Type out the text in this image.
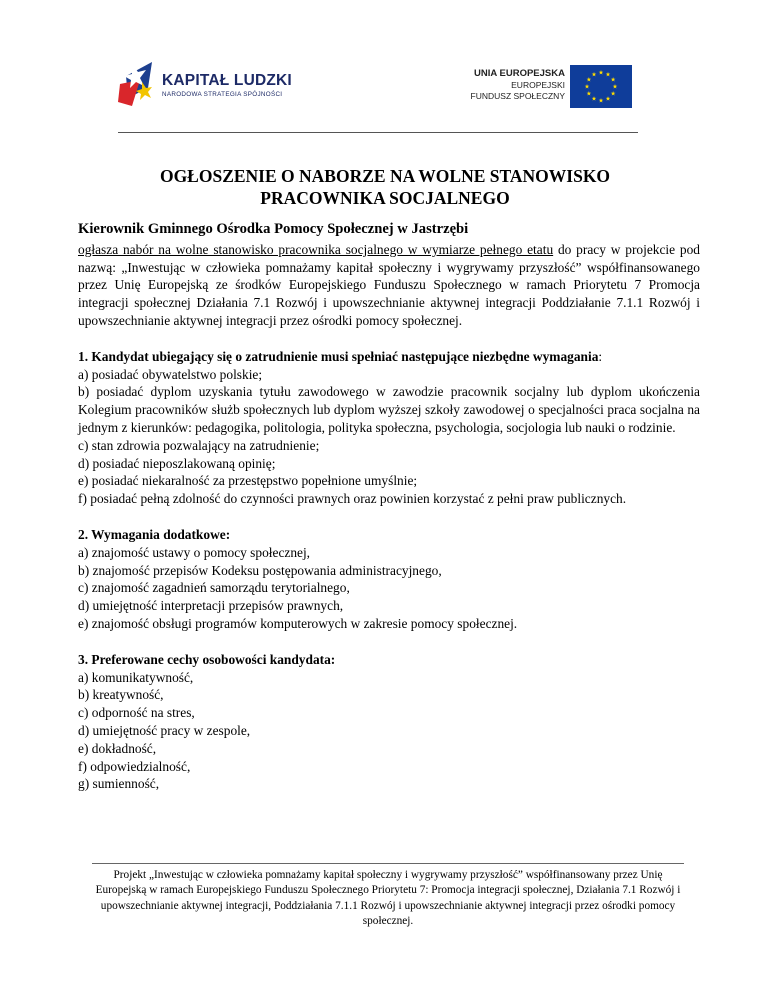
KAPITAŁ LUDZKI
NARODOWA STRATEGIA SPÓJNOŚCI
UNIA EUROPEJSKA
EUROPEJSKI
FUNDUSZ SPOŁECZNY
OGŁOSZENIE O NABORZE NA WOLNE STANOWISKO
PRACOWNIKA SOCJALNEGO

Kierownik Gminnego Ośrodka Pomocy Społecznej w Jastrzębi

ogłasza nabór na wolne stanowisko pracownika socjalnego w wymiarze pełnego etatu do pracy w projekcie pod nazwą: „Inwestując w człowieka pomnażamy kapitał społeczny i wygrywamy przyszłość” współfinansowanego przez Unię Europejską ze środków Europejskiego Funduszu Społecznego w ramach Priorytetu 7 Promocja integracji społecznej Działania 7.1 Rozwój i upowszechnianie aktywnej integracji Poddziałanie 7.1.1 Rozwój i upowszechnianie aktywnej integracji przez ośrodki pomocy społecznej.

1. Kandydat ubiegający się o zatrudnienie musi spełniać następujące niezbędne wymagania:

a) posiadać obywatelstwo polskie;

b) posiadać dyplom uzyskania tytułu zawodowego w zawodzie pracownik socjalny lub dyplom ukończenia Kolegium pracowników służb społecznych lub dyplom wyższej szkoły zawodowej o specjalności praca socjalna na jednym z kierunków: pedagogika, politologia, polityka społeczna, psychologia, socjologia lub nauki o rodzinie.

c) stan zdrowia pozwalający na zatrudnienie;

d) posiadać nieposzlakowaną opinię;

e) posiadać niekaralność za przestępstwo popełnione umyślnie;

f) posiadać pełną zdolność do czynności prawnych oraz powinien korzystać z pełni praw publicznych.

2. Wymagania dodatkowe:

a) znajomość ustawy o pomocy społecznej,

b) znajomość przepisów Kodeksu postępowania administracyjnego,

c) znajomość zagadnień samorządu terytorialnego,

d) umiejętność interpretacji przepisów prawnych,

e) znajomość obsługi programów komputerowych w zakresie pomocy społecznej.

3. Preferowane cechy osobowości kandydata:

a) komunikatywność,

b) kreatywność,

c) odporność na stres,

d) umiejętność pracy w zespole,

e) dokładność,

f) odpowiedzialność,

g) sumienność,

Projekt „Inwestując w człowieka pomnażamy kapitał społeczny i wygrywamy przyszłość” współfinansowany przez Unię Europejską w ramach Europejskiego Funduszu Społecznego Priorytetu 7: Promocja integracji społecznej, Działania 7.1 Rozwój i upowszechnianie aktywnej integracji, Poddziałania 7.1.1 Rozwój i upowszechnianie aktywnej integracji przez ośrodki pomocy społecznej.
